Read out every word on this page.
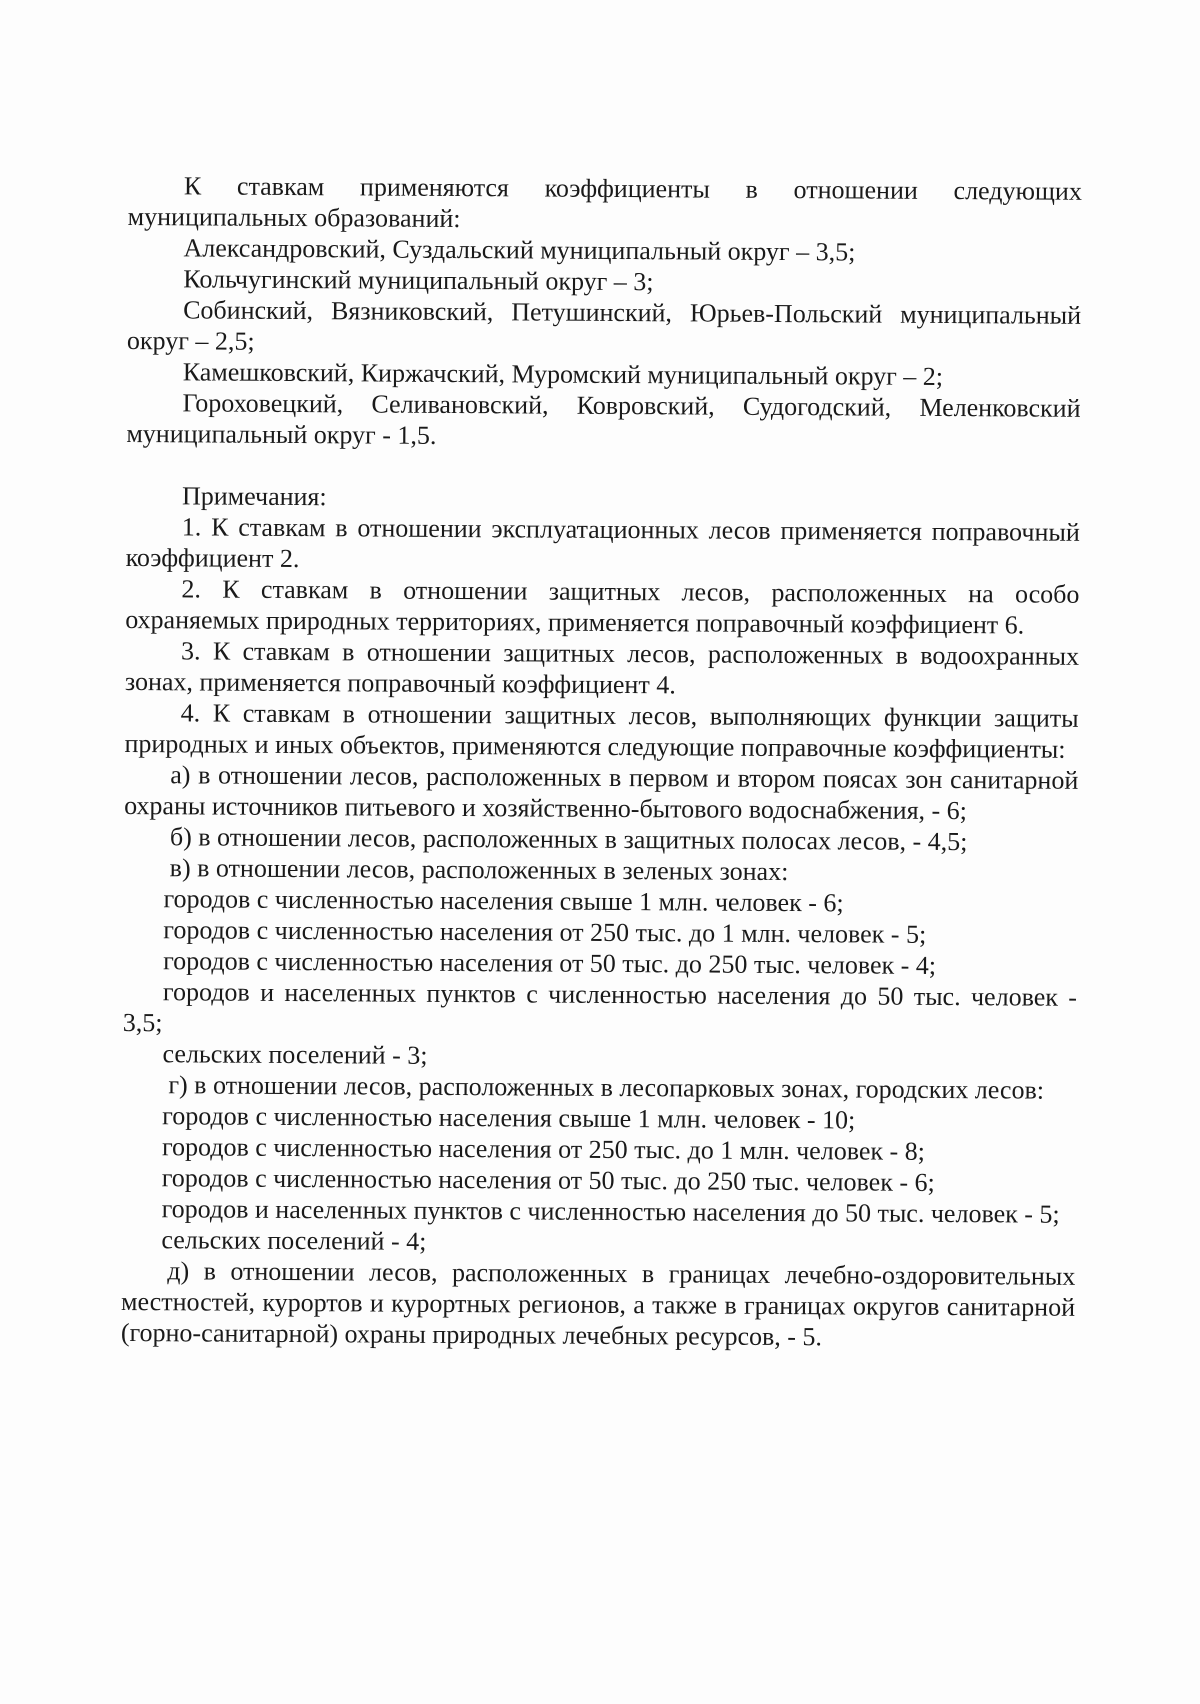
К ставкам применяются коэффициенты в отношении следующих муниципальных образований:

Александровский, Суздальский муниципальный округ – 3,5;

Кольчугинский муниципальный округ – 3;

Собинский, Вязниковский, Петушинский, Юрьев-Польский муниципальный округ – 2,5;

Камешковский, Киржачский, Муромский муниципальный округ – 2;

Гороховецкий, Селивановский, Ковровский, Судогодский, Меленковский муниципальный округ - 1,5.

Примечания:

1. К ставкам в отношении эксплуатационных лесов применяется поправочный коэффициент 2.

2. К ставкам в отношении защитных лесов, расположенных на особо охраняемых природных территориях, применяется поправочный коэффициент 6.

3. К ставкам в отношении защитных лесов, расположенных в водоохранных зонах, применяется поправочный коэффициент 4.

4. К ставкам в отношении защитных лесов, выполняющих функции защиты природных и иных объектов, применяются следующие поправочные коэффициенты:

а) в отношении лесов, расположенных в первом и втором поясах зон санитарной охраны источников питьевого и хозяйственно-бытового водоснабжения, - 6;

б) в отношении лесов, расположенных в защитных полосах лесов, - 4,5;

в) в отношении лесов, расположенных в зеленых зонах:

городов с численностью населения свыше 1 млн. человек - 6;

городов с численностью населения от 250 тыс. до 1 млн. человек - 5;

городов с численностью населения от 50 тыс. до 250 тыс. человек - 4;

городов и населенных пунктов с численностью населения до 50 тыс. человек - 3,5;

сельских поселений - 3;

г) в отношении лесов, расположенных в лесопарковых зонах, городских лесов:

городов с численностью населения свыше 1 млн. человек - 10;

городов с численностью населения от 250 тыс. до 1 млн. человек - 8;

городов с численностью населения от 50 тыс. до 250 тыс. человек - 6;

городов и населенных пунктов с численностью населения до 50 тыс. человек - 5;

сельских поселений - 4;

д) в отношении лесов, расположенных в границах лечебно-оздоровительных местностей, курортов и курортных регионов, а также в границах округов санитарной (горно-санитарной) охраны природных лечебных ресурсов, - 5.
